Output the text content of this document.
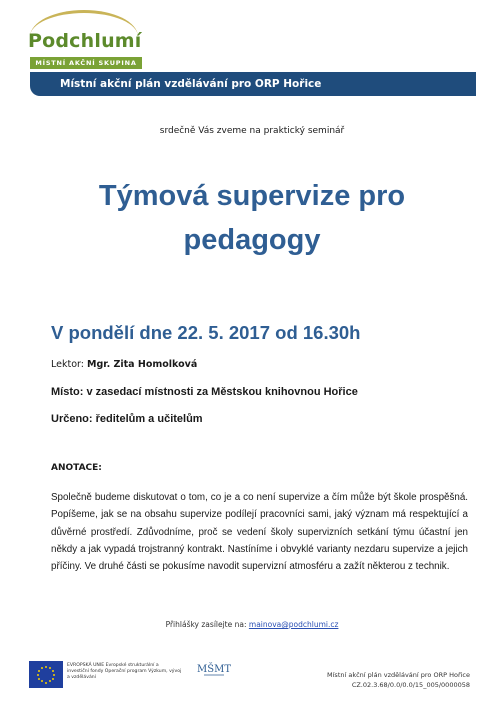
Podchlumí
MÍSTNÍ AKČNÍ SKUPINA
Místní akční plán vzdělávání pro ORP Hořice
srdečně Vás zveme na praktický seminář
Týmová supervize pro pedagogy
V pondělí dne 22. 5. 2017 od 16.30h
Lektor: Mgr. Zita Homolková
Místo: v zasedací místnosti za Městskou knihovnou Hořice
Určeno: ředitelům a učitelům
ANOTACE:
Společně budeme diskutovat o tom, co je a co není supervize a čím může být škole prospěšná. Popíšeme, jak se na obsahu supervize podílejí pracovníci sami, jaký význam má respektující a důvěrné prostředí. Zdůvodníme, proč se vedení školy supervizních setkání týmu účastní jen někdy a jak vypadá trojstranný kontrakt. Nastíníme i obvyklé varianty nezdaru supervize a jejich příčiny. Ve druhé části se pokusíme navodit supervizní atmosféru a zažít některou z technik.
Přihlášky zasílejte na: mainova@podchlumi.cz
EVROPSKÁ UNIE Evropské strukturální a investiční fondy Operační program Výzkum, vývoj a vzdělávání
MŠMT	Místní akční plán vzdělávání pro ORP Hořice
CZ.02.3.68/0.0/0.0/15_005/0000058
